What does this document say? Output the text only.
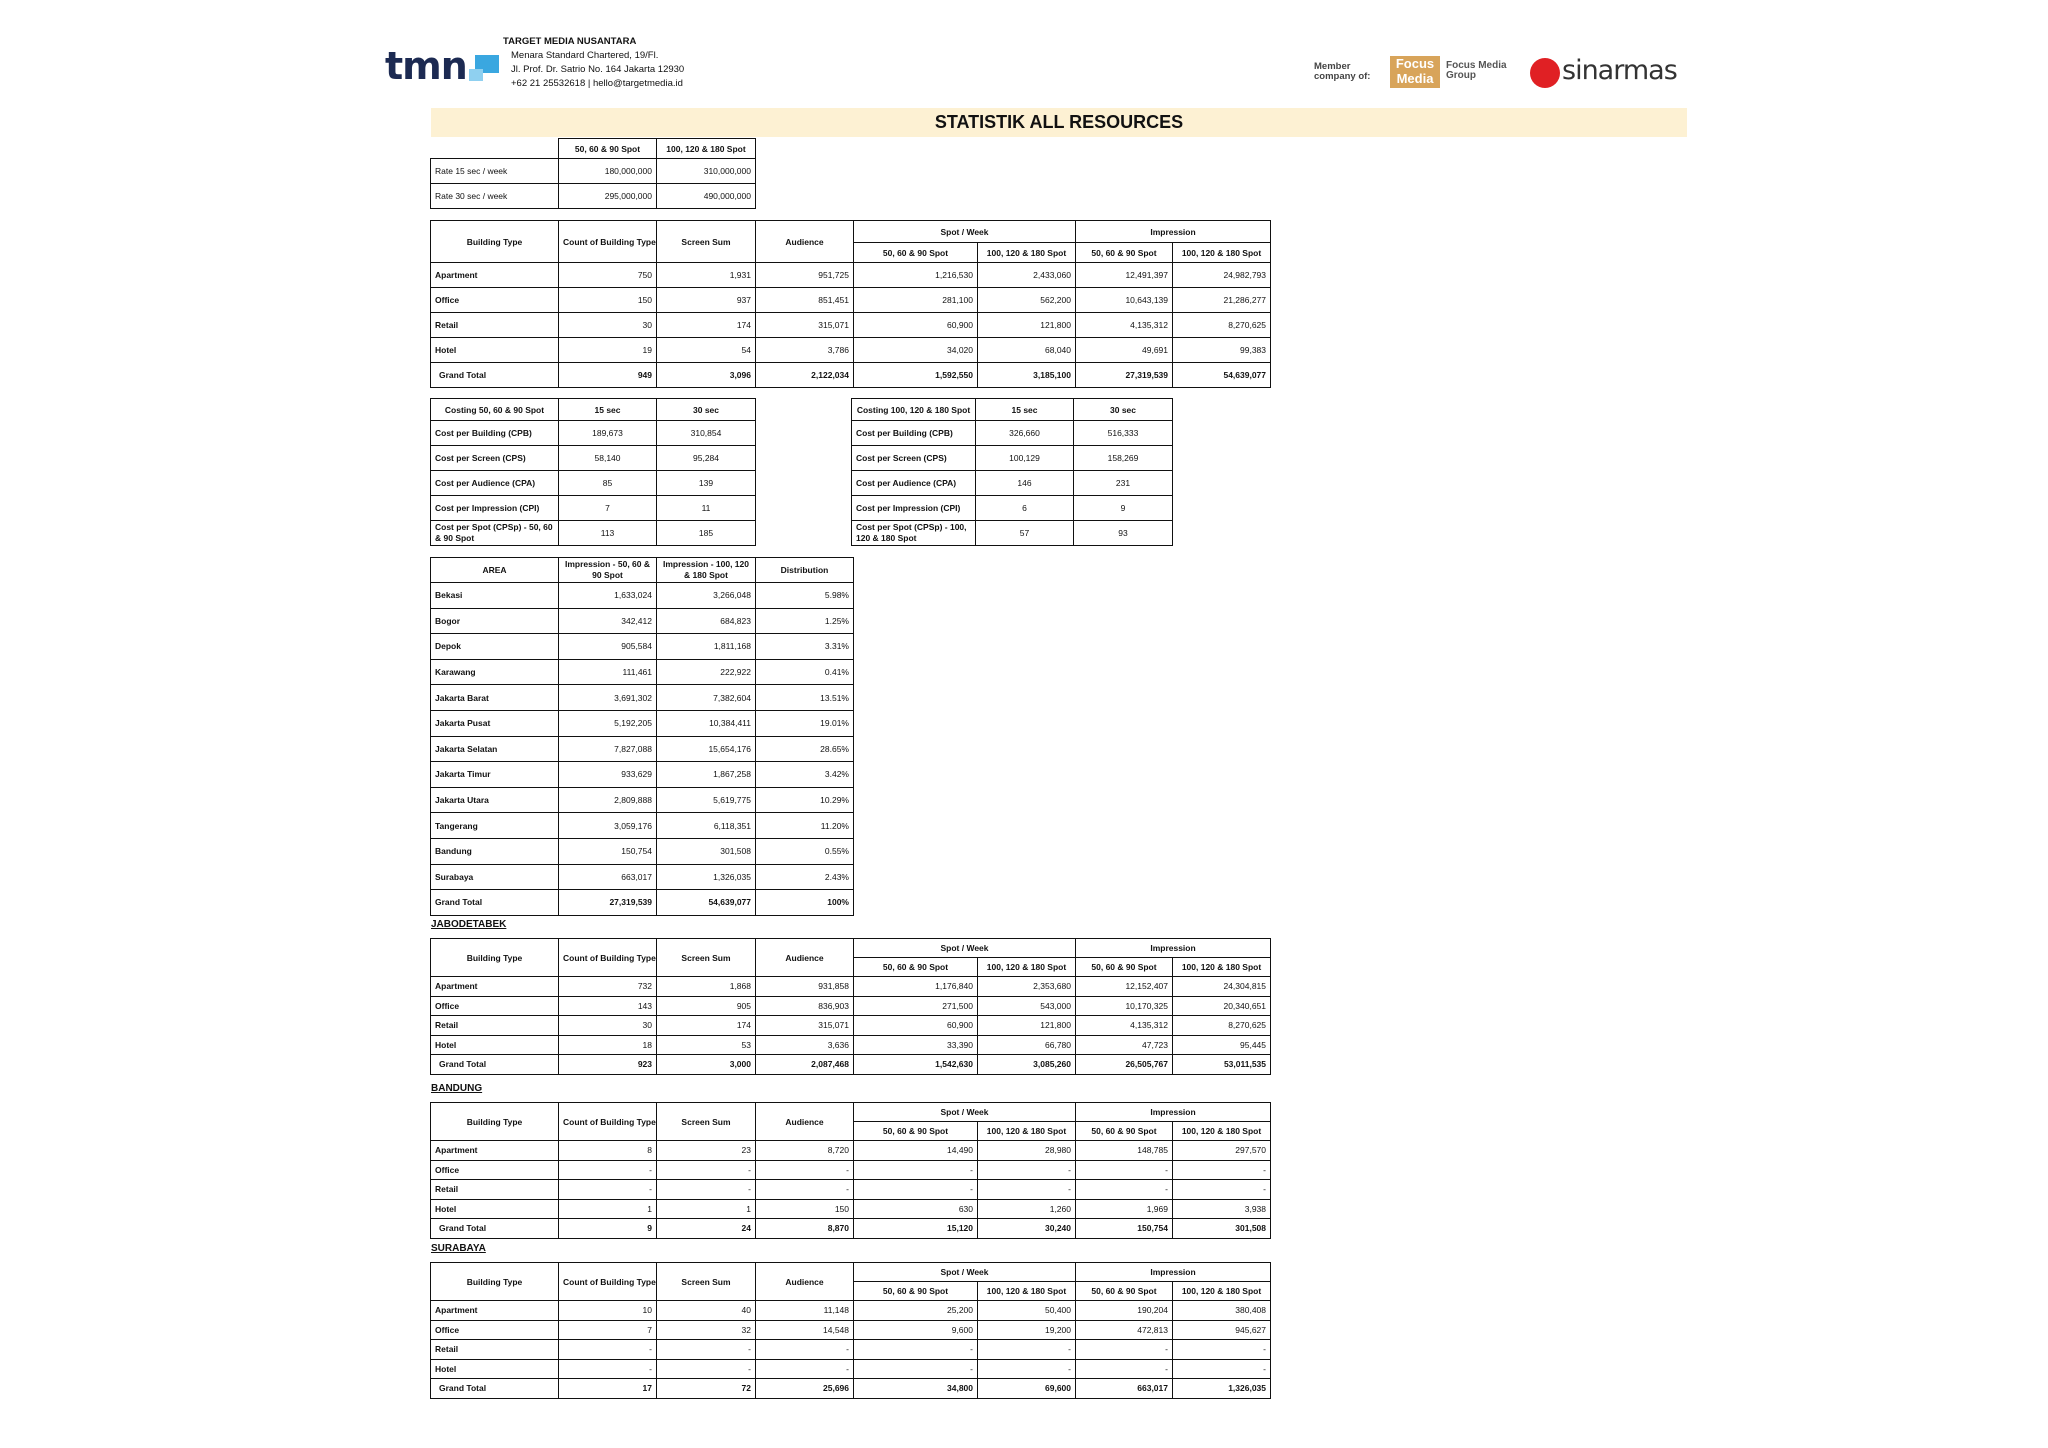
tmn
TARGET MEDIA NUSANTARA
Menara Standard Chartered, 19/Fl.
Jl. Prof. Dr. Satrio No. 164 Jakarta 12930
+62 21 25532618 | hello@targetmedia.id
Member
company of:
Focus
Media
Focus Media
Group	sinarmas
STATISTIK ALL RESOURCES
	50, 60 & 90 Spot	100, 120 & 180 Spot
Rate 15 sec / week	180,000,000	310,000,000
Rate 30 sec / week	295,000,000	490,000,000
Building Type	Count of Building Type	Screen Sum	Audience	Spot / Week		Impression	
				50, 60 & 90 Spot	100, 120 & 180 Spot	50, 60 & 90 Spot	100, 120 & 180 Spot
Apartment	750	1,931	951,725	1,216,530	2,433,060	12,491,397	24,982,793
Office	150	937	851,451	281,100	562,200	10,643,139	21,286,277
Retail	30	174	315,071	60,900	121,800	4,135,312	8,270,625
Hotel	19	54	3,786	34,020	68,040	49,691	99,383
Grand Total	949	3,096	2,122,034	1,592,550	3,185,100	27,319,539	54,639,077
Costing 50, 60 & 90 Spot	15 sec	30 sec
Cost per Building (CPB)	189,673	310,854
Cost per Screen (CPS)	58,140	95,284
Cost per Audience (CPA)	85	139
Cost per Impression (CPI)	7	11
Cost per Spot (CPSp) - 50, 60 & 90 Spot	113	185
Costing 100, 120 & 180 Spot	15 sec	30 sec
Cost per Building (CPB)	326,660	516,333
Cost per Screen (CPS)	100,129	158,269
Cost per Audience (CPA)	146	231
Cost per Impression (CPI)	6	9
Cost per Spot (CPSp) - 100, 120 & 180 Spot	57	93
AREA	Impression - 50, 60 & 90 Spot	Impression - 100, 120 & 180 Spot	Distribution
Bekasi	1,633,024	3,266,048	5.98%
Bogor	342,412	684,823	1.25%
Depok	905,584	1,811,168	3.31%
Karawang	111,461	222,922	0.41%
Jakarta Barat	3,691,302	7,382,604	13.51%
Jakarta Pusat	5,192,205	10,384,411	19.01%
Jakarta Selatan	7,827,088	15,654,176	28.65%
Jakarta Timur	933,629	1,867,258	3.42%
Jakarta Utara	2,809,888	5,619,775	10.29%
Tangerang	3,059,176	6,118,351	11.20%
Bandung	150,754	301,508	0.55%
Surabaya	663,017	1,326,035	2.43%
Grand Total	27,319,539	54,639,077	100%
JABODETABEK
Building Type	Count of Building Type	Screen Sum	Audience	Spot / Week		Impression	
				50, 60 & 90 Spot	100, 120 & 180 Spot	50, 60 & 90 Spot	100, 120 & 180 Spot
Apartment	732	1,868	931,858	1,176,840	2,353,680	12,152,407	24,304,815
Office	143	905	836,903	271,500	543,000	10,170,325	20,340,651
Retail	30	174	315,071	60,900	121,800	4,135,312	8,270,625
Hotel	18	53	3,636	33,390	66,780	47,723	95,445
Grand Total	923	3,000	2,087,468	1,542,630	3,085,260	26,505,767	53,011,535
BANDUNG
Building Type	Count of Building Type	Screen Sum	Audience	Spot / Week		Impression	
				50, 60 & 90 Spot	100, 120 & 180 Spot	50, 60 & 90 Spot	100, 120 & 180 Spot
Apartment	8	23	8,720	14,490	28,980	148,785	297,570
Office	-	-	-	-	-	-	-
Retail	-	-	-	-	-	-	-
Hotel	1	1	150	630	1,260	1,969	3,938
Grand Total	9	24	8,870	15,120	30,240	150,754	301,508
SURABAYA
Building Type	Count of Building Type	Screen Sum	Audience	Spot / Week		Impression	
				50, 60 & 90 Spot	100, 120 & 180 Spot	50, 60 & 90 Spot	100, 120 & 180 Spot
Apartment	10	40	11,148	25,200	50,400	190,204	380,408
Office	7	32	14,548	9,600	19,200	472,813	945,627
Retail	-	-	-	-	-	-	-
Hotel	-	-	-	-	-	-	-
Grand Total	17	72	25,696	34,800	69,600	663,017	1,326,035
